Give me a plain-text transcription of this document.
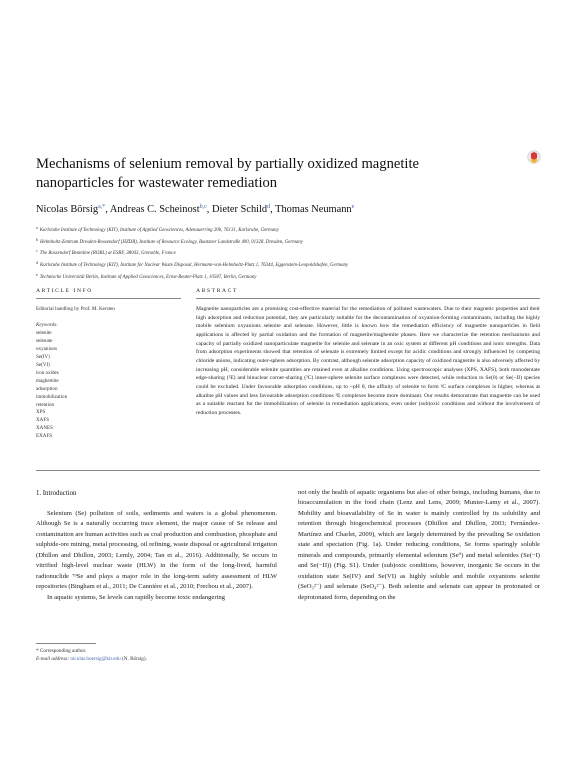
Mechanisms of selenium removal by partially oxidized magnetite
nanoparticles for wastewater remediation
Nicolas Börsig$^{a,*}$, Andreas C. Scheinost$^{b,c}$, Dieter Schild$^d$, Thomas Neumann$^e$
$^a$Karlsruhe Institute of Technology (KIT), Institute of Applied Geosciences, Adenauerring 20b, 76131, Karlsruhe, Germany
$^b$Helmholtz-Zentrum Dresden-Rossendorf (HZDR), Institute of Resource Ecology, Bautzner Landstraße 400, 01328, Dresden, Germany
$^c$The Rossendorf Beamline (ROBL) at ESRF, 38043, Grenoble, France
$^d$Karlsruhe Institute of Technology (KIT), Institute for Nuclear Waste Disposal, Hermann-von-Helmholtz-Platz 1, 76344, Eggenstein-Leopoldshafen, Germany
$^e$Technische Universität Berlin, Institute of Applied Geosciences, Ernst-Reuter-Platz 1, 10587, Berlin, Germany
ARTICLE INFO	ABSTRACT
Editorial handling by Prof. M. Kersten
Keywords:
selenite
selenate
oxyanions
Se(IV)
Se(VI)
iron oxides
maghemite
adsorption
immobilization
retention
XPS
XAFS
XANES
EXAFS
Magnetite nanoparticles are a promising cost-effective material for the remediation of polluted wastewaters. Due to their magnetic properties and their high adsorption and reduction potential, they are particularly suitable for the decontamination of oxyanion-forming contaminants, including the highly mobile selenium oxyanions selenite and selenate. However, little is known how the remediation efficiency of magnetite nanoparticles in field applications is affected by partial oxidation and the formation of magnetite/maghemite phases. Here we characterize the retention mechanisms and capacity of partially oxidized nanoparticulate magnetite for selenite and selenate in an oxic system at different pH conditions and ionic strengths. Data from adsorption experiments showed that retention of selenate is extremely limited except for acidic conditions and strongly influenced by competing chloride anions, indicating outer-sphere adsorption. By contrast, although selenite adsorption capacity of oxidized magnetite is also adversely affected by increasing pH, considerable selenite quantities are retained even at alkaline conditions. Using spectroscopic analyses (XPS, XAFS), both monodentate edge-sharing (²E) and binuclear corner-sharing (²C) inner-sphere selenite surface complexes were detected, while reduction to Se(0) or Se(−II) species could be excluded. Under favourable adsorption conditions, up to ~pH 8, the affinity of selenite to form ²C surface complexes is higher, whereas at alkaline pH values and less favourable adsorption conditions ²E complexes become more dominant. Our results demonstrate that magnetite can be used as a suitable reactant for the immobilization of selenite in remediation applications, even under (sub)oxic conditions and without the involvement of reduction processes.
1. Introduction

Selenium (Se) pollution of soils, sediments and waters is a global phenomenon. Although Se is a naturally occurring trace element, the major cause of Se release and contamination are human activities such as coal production and combustion, phosphate and sulphide-ore mining, metal processing, oil refining, waste disposal or agricultural irrigation (Dhillon and Dhillon, 2003; Lemly, 2004; Tan et al., 2016). Additionally, Se occurs in vitrified high-level nuclear waste (HLW) in the form of the long-lived, harmful radionuclide ⁷⁹Se and plays a major role in the long-term safety assessment of HLW repositories (Bingham et al., 2011; De Cannière et al., 2010; Frechou et al., 2007).

In aquatic systems, Se levels can rapidly become toxic endangering

not only the health of aquatic organisms but also of other beings, including humans, due to bioaccumulation in the food chain (Lenz and Lens, 2009; Munier-Lamy et al., 2007). Mobility and bioavailability of Se in water is mainly controlled by its solubility and retention through biogeochemical processes (Dhillon and Dhillon, 2003; Fernández-Martínez and Charlet, 2009), which are largely determined by the prevailing Se oxidation state and speciation (Fig. 1a). Under reducing conditions, Se forms sparingly soluble minerals and compounds, primarily elemental selenium (Se⁰) and metal selenides (Se(−I) and Se(−II)) (Fig. S1). Under (sub)oxic conditions, however, inorganic Se occurs in the oxidation state Se(IV) and Se(VI) as highly soluble and mobile oxyanions selenite (SeO₃²⁻) and selenate (SeO₄²⁻). Both selenite and selenate can appear in protonated or deprotonated form, depending on the

* Corresponding author.
E-mail address: nicolas.boersig@kit.edu (N. Börsig).
